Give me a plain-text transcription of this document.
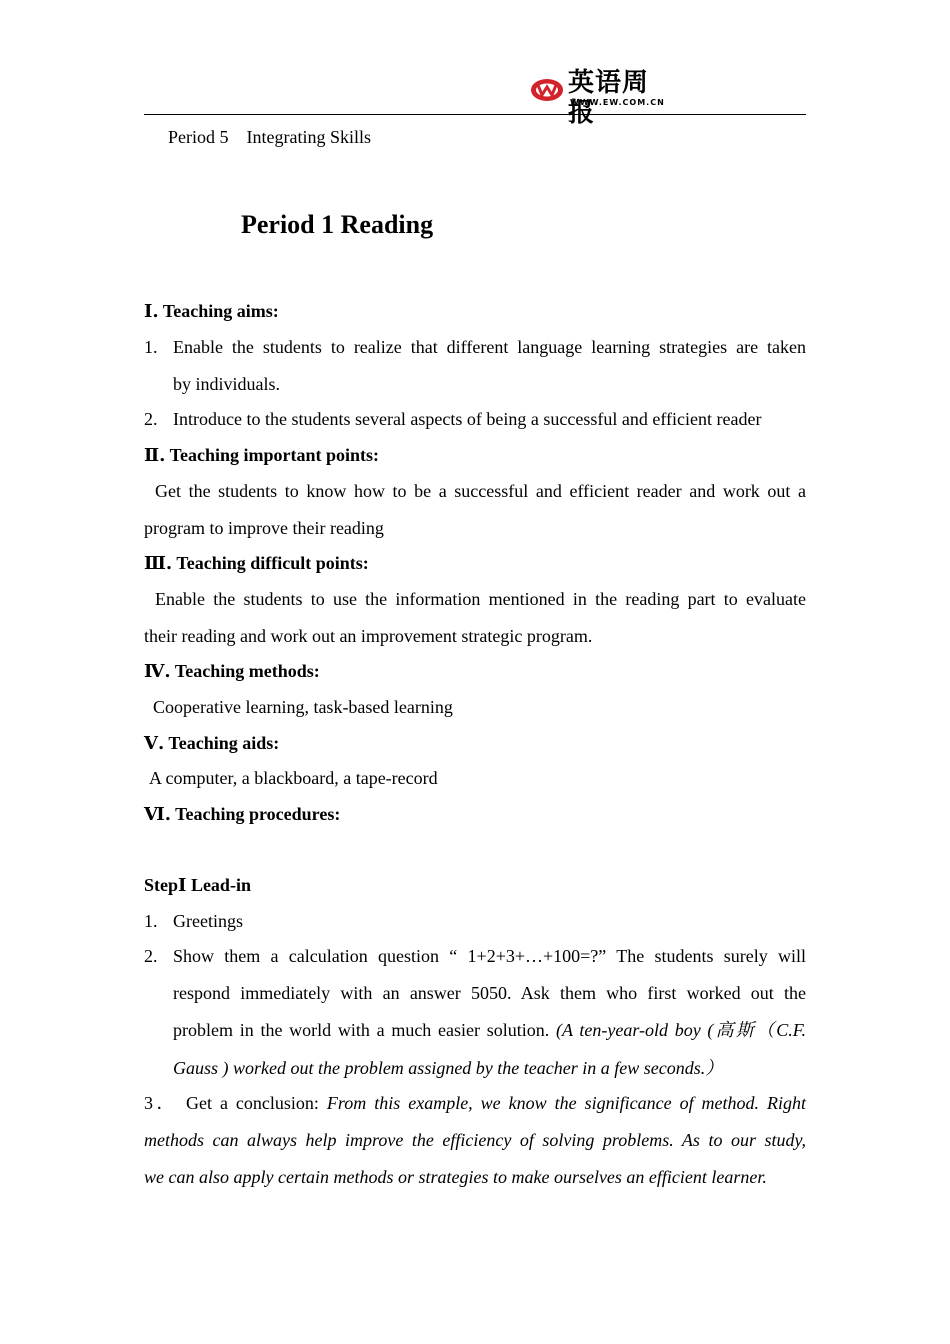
英语周报
WWW.EW.COM.CN
Period 5    Integrating Skills
Period 1 Reading
Ⅰ. Teaching aims:
1. Enable the students to realize that different language learning strategies are taken
by individuals.
2. Introduce to the students several aspects of being a successful and efficient reader
Ⅱ. Teaching important points:
Get the students to know how to be a successful and efficient reader and work out a
program to improve their reading
Ⅲ. Teaching difficult points:
Enable the students to use the information mentioned in the reading part to evaluate
their reading and work out an improvement strategic program.
Ⅳ. Teaching methods:
Cooperative learning, task-based learning
Ⅴ. Teaching aids:
A computer, a blackboard, a tape-record
Ⅵ. Teaching procedures:
StepⅠ Lead-in
1. Greetings
2. Show them a calculation question “ 1+2+3+…+100=?” The students surely will
respond immediately with an answer 5050. Ask them who first worked out the
problem in the world with a much easier solution. (A ten-year-old boy (高斯（C.F.
Gauss ) worked out the problem assigned by the teacher in a few seconds.）
3． Get a conclusion: From this example, we know the significance of method. Right
methods can always help improve the efficiency of solving problems. As to our study,
we can also apply certain methods or strategies to make ourselves an efficient learner.
